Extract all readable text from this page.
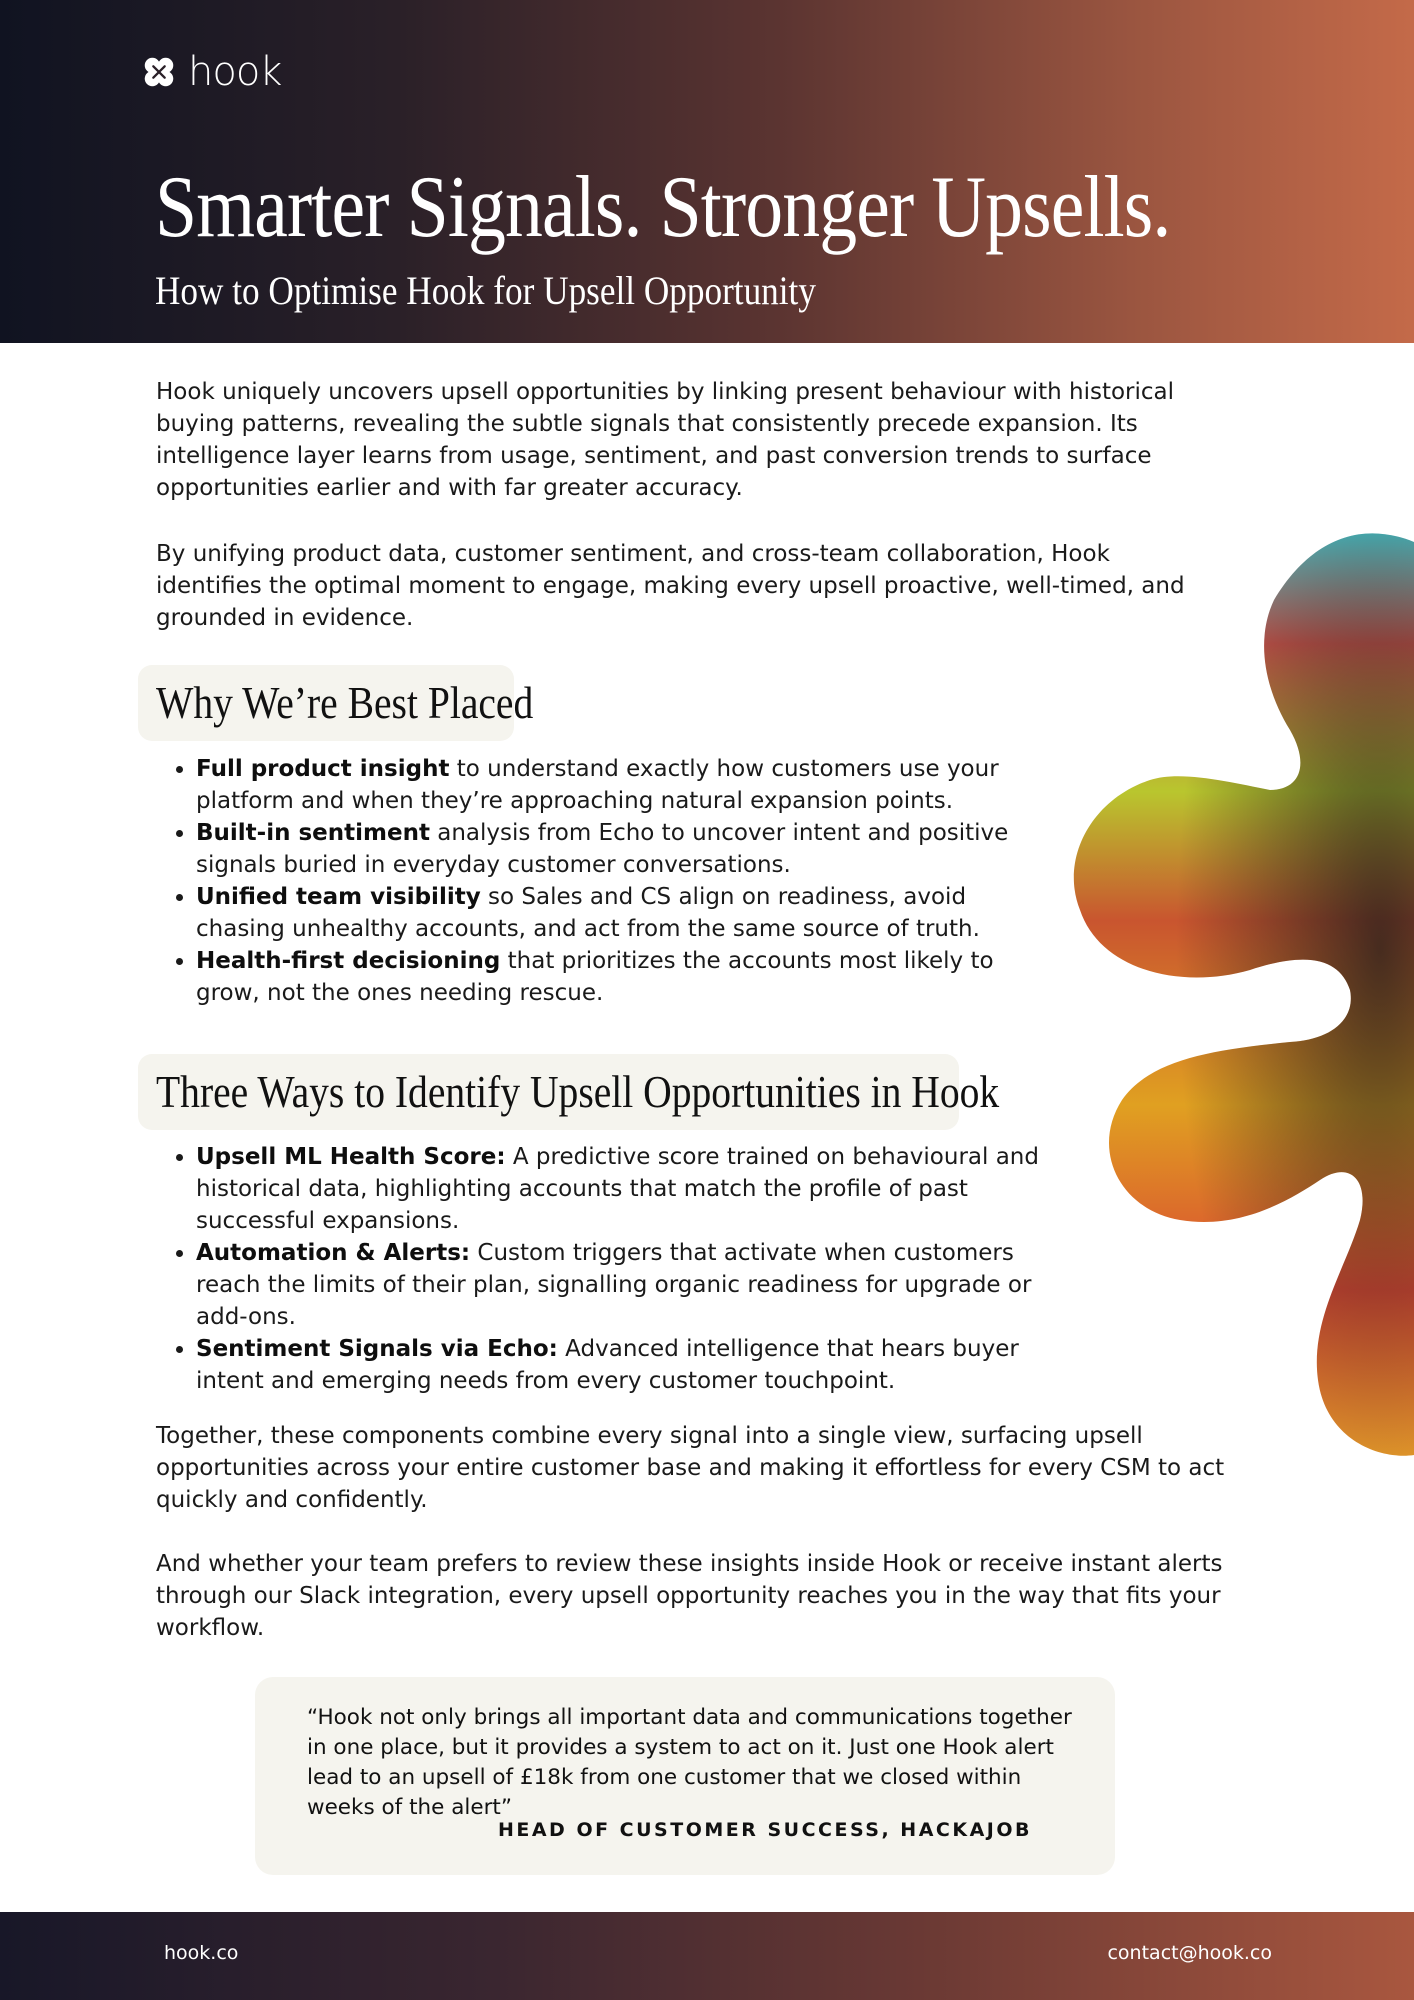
hook
Smarter Signals. Stronger Upsells.
How to Optimise Hook for Upsell Opportunity

Hook uniquely uncovers upsell opportunities by linking present behaviour with historical buying patterns, revealing the subtle signals that consistently precede expansion. Its intelligence layer learns from usage, sentiment, and past conversion trends to surface opportunities earlier and with far greater accuracy.

By unifying product data, customer sentiment, and cross-team collaboration, Hook identifies the optimal moment to engage, making every upsell proactive, well-timed, and grounded in evidence.

Why We’re Best Placed
• Full product insight to understand exactly how customers use your platform and when they’re approaching natural expansion points.
• Built-in sentiment analysis from Echo to uncover intent and positive signals buried in everyday customer conversations.
• Unified team visibility so Sales and CS align on readiness, avoid chasing unhealthy accounts, and act from the same source of truth.
• Health-first decisioning that prioritizes the accounts most likely to grow, not the ones needing rescue.
Three Ways to Identify Upsell Opportunities in Hook
• Upsell ML Health Score: A predictive score trained on behavioural and historical data, highlighting accounts that match the profile of past successful expansions.
• Automation & Alerts: Custom triggers that activate when customers reach the limits of their plan, signalling organic readiness for upgrade or add-ons.
• Sentiment Signals via Echo: Advanced intelligence that hears buyer intent and emerging needs from every customer touchpoint.

Together, these components combine every signal into a single view, surfacing upsell opportunities across your entire customer base and making it effortless for every CSM to act quickly and confidently.

And whether your team prefers to review these insights inside Hook or receive instant alerts through our Slack integration, every upsell opportunity reaches you in the way that fits your workflow.

“Hook not only brings all important data and communications together in one place, but it provides a system to act on it. Just one Hook alert lead to an upsell of £18k from one customer that we closed within weeks of the alert”

HEAD OF CUSTOMER SUCCESS, HACKAJOB
hook.co	contact@hook.co
